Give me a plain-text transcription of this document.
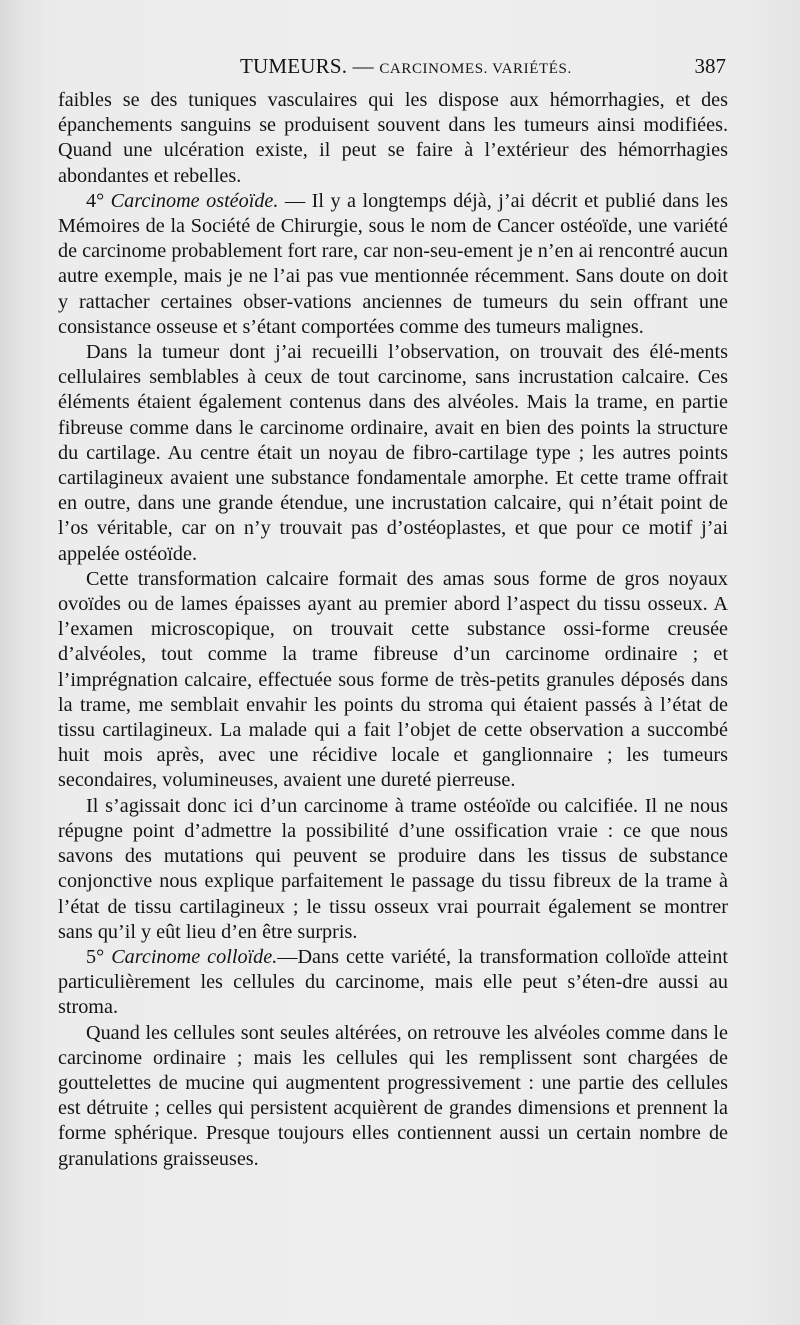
TUMEURS. — CARCINOMES. VARIÉTÉS.	387

faibles se des tuniques vasculaires qui les dispose aux hémorrhagies, et des épanchements sanguins se produisent souvent dans les tumeurs ainsi modifiées. Quand une ulcération existe, il peut se faire à l’extérieur des hémorrhagies abondantes et rebelles.

4° Carcinome ostéoïde. — Il y a longtemps déjà, j’ai décrit et publié dans les Mémoires de la Société de Chirurgie, sous le nom de Cancer ostéoïde, une variété de carcinome probablement fort rare, car non-seu-ement je n’en ai rencontré aucun autre exemple, mais je ne l’ai pas vue mentionnée récemment. Sans doute on doit y rattacher certaines obser-vations anciennes de tumeurs du sein offrant une consistance osseuse et s’étant comportées comme des tumeurs malignes.

Dans la tumeur dont j’ai recueilli l’observation, on trouvait des élé-ments cellulaires semblables à ceux de tout carcinome, sans incrustation calcaire. Ces éléments étaient également contenus dans des alvéoles. Mais la trame, en partie fibreuse comme dans le carcinome ordinaire, avait en bien des points la structure du cartilage. Au centre était un noyau de fibro-cartilage type ; les autres points cartilagineux avaient une substance fondamentale amorphe. Et cette trame offrait en outre, dans une grande étendue, une incrustation calcaire, qui n’était point de l’os véritable, car on n’y trouvait pas d’ostéoplastes, et que pour ce motif j’ai appelée ostéoïde.

Cette transformation calcaire formait des amas sous forme de gros noyaux ovoïdes ou de lames épaisses ayant au premier abord l’aspect du tissu osseux. A l’examen microscopique, on trouvait cette substance ossi-forme creusée d’alvéoles, tout comme la trame fibreuse d’un carcinome ordinaire ; et l’imprégnation calcaire, effectuée sous forme de très-petits granules déposés dans la trame, me semblait envahir les points du stroma qui étaient passés à l’état de tissu cartilagineux. La malade qui a fait l’objet de cette observation a succombé huit mois après, avec une récidive locale et ganglionnaire ; les tumeurs secondaires, volumineuses, avaient une dureté pierreuse.

Il s’agissait donc ici d’un carcinome à trame ostéoïde ou calcifiée. Il ne nous répugne point d’admettre la possibilité d’une ossification vraie : ce que nous savons des mutations qui peuvent se produire dans les tissus de substance conjonctive nous explique parfaitement le passage du tissu fibreux de la trame à l’état de tissu cartilagineux ; le tissu osseux vrai pourrait également se montrer sans qu’il y eût lieu d’en être surpris.

5° Carcinome colloïde.—Dans cette variété, la transformation colloïde atteint particulièrement les cellules du carcinome, mais elle peut s’éten-dre aussi au stroma.

Quand les cellules sont seules altérées, on retrouve les alvéoles comme dans le carcinome ordinaire ; mais les cellules qui les remplissent sont chargées de gouttelettes de mucine qui augmentent progressivement : une partie des cellules est détruite ; celles qui persistent acquièrent de grandes dimensions et prennent la forme sphérique. Presque toujours elles contiennent aussi un certain nombre de granulations graisseuses.
